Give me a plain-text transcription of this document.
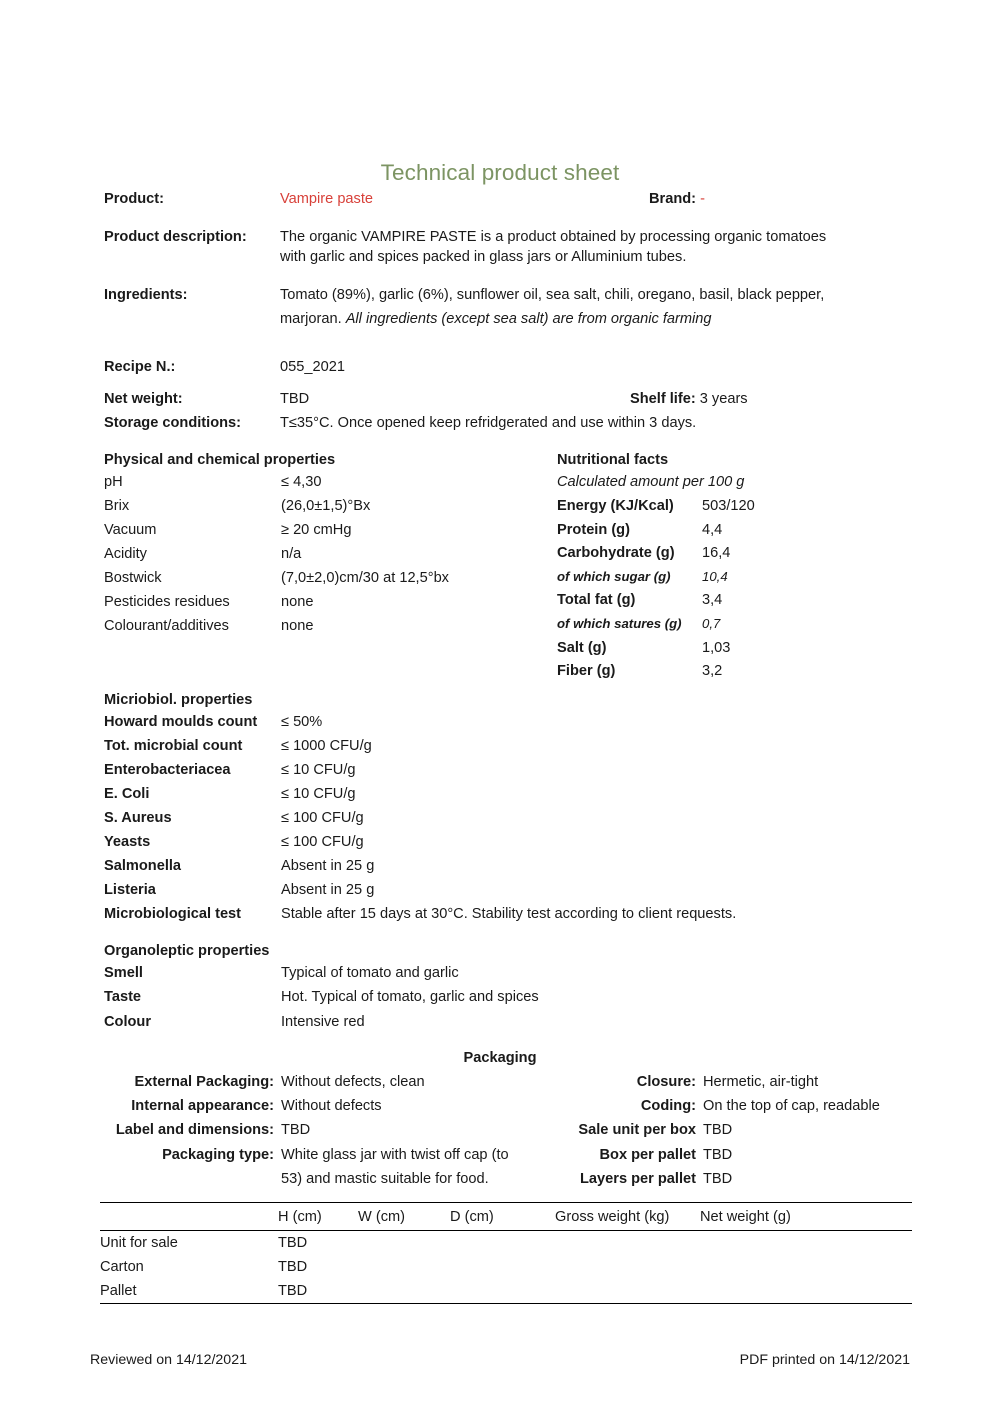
Technical product sheet
Product:	Vampire paste	Brand: -
Product description: The organic VAMPIRE PASTE is a product obtained by processing organic tomatoes

with garlic and spices packed in glass jars or Alluminium tubes.

Ingredients:	Tomato (89%), garlic (6%), sunflower oil, sea salt, chili, oregano, basil, black pepper,

marjoran. All ingredients (except sea salt) are from organic farming

Recipe N.:	055_2021
Net weight:	TBD	Shelf life: 3 years
Storage conditions:	T≤35°C. Once opened keep refridgerated and use within 3 days.
Physical and chemical properties
pH	≤ 4,30
Brix	(26,0±1,5)°Bx
Vacuum	≥ 20 cmHg
Acidity	n/a
Bostwick	(7,0±2,0)cm/30 at 12,5°bx
Pesticides residues	none
Colourant/additives	none
Nutritional facts
Calculated amount per 100 g
Energy (KJ/Kcal) 503/120
Protein (g)	4,4
Carbohydrate (g) 16,4
of which sugar (g) 10,4
Total fat (g)	3,4
of which satures (g) 0,7
Salt (g)	1,03
Fiber (g)	3,2
Micriobiol. properties
Howard moulds count ≤ 50%
Tot. microbial count	≤ 1000 CFU/g
Enterobacteriacea	≤ 10 CFU/g
E. Coli	≤ 10 CFU/g
S. Aureus	≤ 100 CFU/g
Yeasts	≤ 100 CFU/g
Salmonella	Absent in 25 g
Listeria	Absent in 25 g
Microbiological test	Stable after 15 days at 30°C. Stability test according to client requests.
Organoleptic properties
Smell	Typical of tomato and garlic
Taste	Hot. Typical of tomato, garlic and spices
Colour	Intensive red
Packaging
External Packaging: Without defects, clean
Internal appearance: Without defects
Label and dimensions: TBD
Packaging type: White glass jar with twist off cap (to
53) and mastic suitable for food.
Closure: Hermetic, air-tight
Coding: On the top of cap, readable
Sale unit per box TBD
Box per pallet TBD
Layers per pallet TBD
	H (cm)	W (cm)	D (cm)	Gross weight (kg)	Net weight (g)
Unit for sale	TBD				
Carton	TBD				
Pallet	TBD				

Reviewed on 14/12/2021	PDF printed on 14/12/2021
